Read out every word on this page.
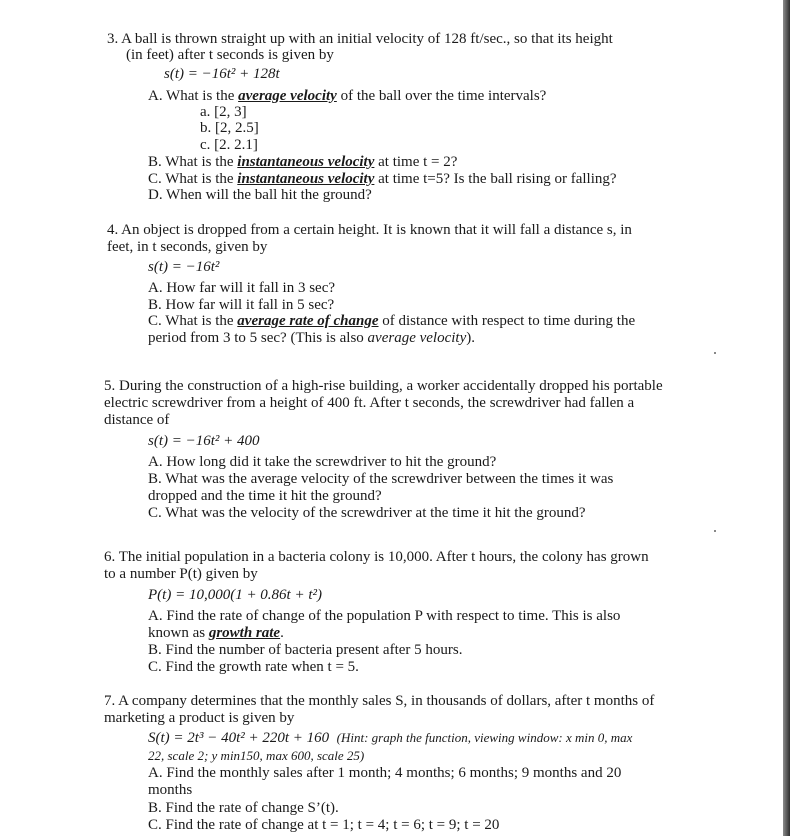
3. A ball is thrown straight up with an initial velocity of 128 ft/sec., so that its height
(in feet) after t seconds is given by
s(t) = −16t² + 128t
A. What is the average velocity of the ball over the time intervals?
a. [2, 3]
b. [2, 2.5]
c. [2. 2.1]
B. What is the instantaneous velocity at time t = 2?
C. What is the instantaneous velocity at time t=5? Is the ball rising or falling?
D. When will the ball hit the ground?
4. An object is dropped from a certain height. It is known that it will fall a distance s, in
feet, in t seconds, given by
s(t) = −16t²
A. How far will it fall in 3 sec?
B. How far will it fall in 5 sec?
C. What is the average rate of change of distance with respect to time during the
period from 3 to 5 sec? (This is also average velocity).
5. During the construction of a high-rise building, a worker accidentally dropped his portable
electric screwdriver from a height of 400 ft. After t seconds, the screwdriver had fallen a
distance of
s(t) = −16t² + 400
A. How long did it take the screwdriver to hit the ground?
B. What was the average velocity of the screwdriver between the times it was
dropped and the time it hit the ground?
C. What was the velocity of the screwdriver at the time it hit the ground?
6. The initial population in a bacteria colony is 10,000. After t hours, the colony has grown
to a number P(t) given by
P(t) = 10,000(1 + 0.86t + t²)
A. Find the rate of change of the population P with respect to time. This is also
known as growth rate.
B. Find the number of bacteria present after 5 hours.
C. Find the growth rate when t = 5.
7. A company determines that the monthly sales S, in thousands of dollars, after t months of
marketing a product is given by
S(t) = 2t³ − 40t² + 220t + 160 (Hint: graph the function, viewing window: x min 0, max
22, scale 2; y min150, max 600, scale 25)
A. Find the monthly sales after 1 month; 4 months; 6 months; 9 months and 20
months
B. Find the rate of change S’(t).
C. Find the rate of change at t = 1; t = 4; t = 6; t = 9; t = 20
